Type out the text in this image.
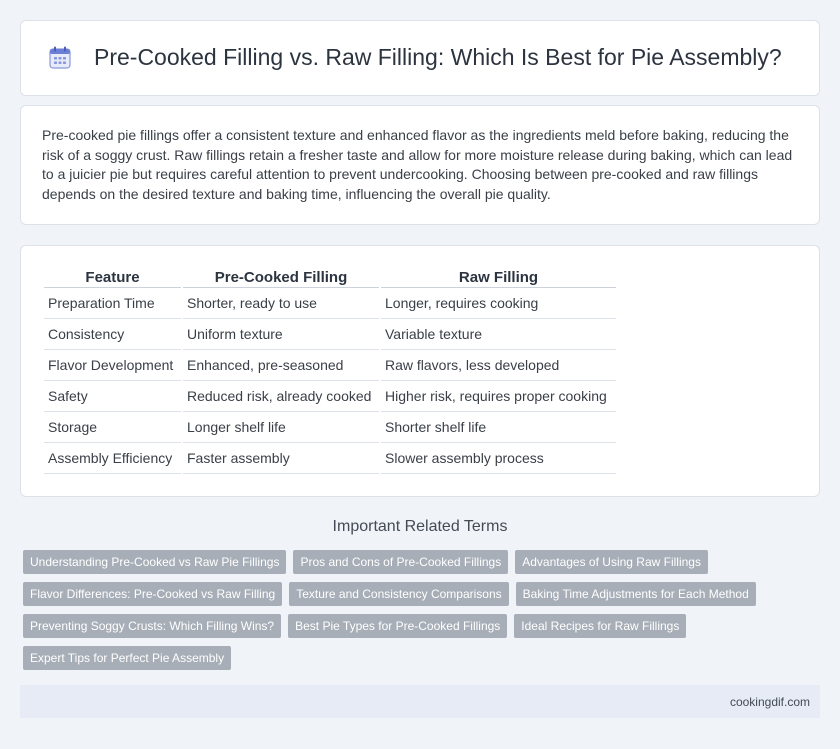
Pre-Cooked Filling vs. Raw Filling: Which Is Best for Pie Assembly?

Pre-cooked pie fillings offer a consistent texture and enhanced flavor as the ingredients meld before baking, reducing the risk of a soggy crust. Raw fillings retain a fresher taste and allow for more moisture release during baking, which can lead to a juicier pie but requires careful attention to prevent undercooking. Choosing between pre-cooked and raw fillings depends on the desired texture and baking time, influencing the overall pie quality.

Feature	Pre-Cooked Filling	Raw Filling
Preparation Time	Shorter, ready to use	Longer, requires cooking
Consistency	Uniform texture	Variable texture
Flavor Development	Enhanced, pre-seasoned	Raw flavors, less developed
Safety	Reduced risk, already cooked	Higher risk, requires proper cooking
Storage	Longer shelf life	Shorter shelf life
Assembly Efficiency	Faster assembly	Slower assembly process
Important Related Terms
Understanding Pre-Cooked vs Raw Pie Fillings	Pros and Cons of Pre-Cooked Fillings	Advantages of Using Raw Fillings
Flavor Differences: Pre-Cooked vs Raw Filling	Texture and Consistency Comparisons	Baking Time Adjustments for Each Method
Preventing Soggy Crusts: Which Filling Wins?	Best Pie Types for Pre-Cooked Fillings	Ideal Recipes for Raw Fillings
Expert Tips for Perfect Pie Assembly
cookingdif.com
